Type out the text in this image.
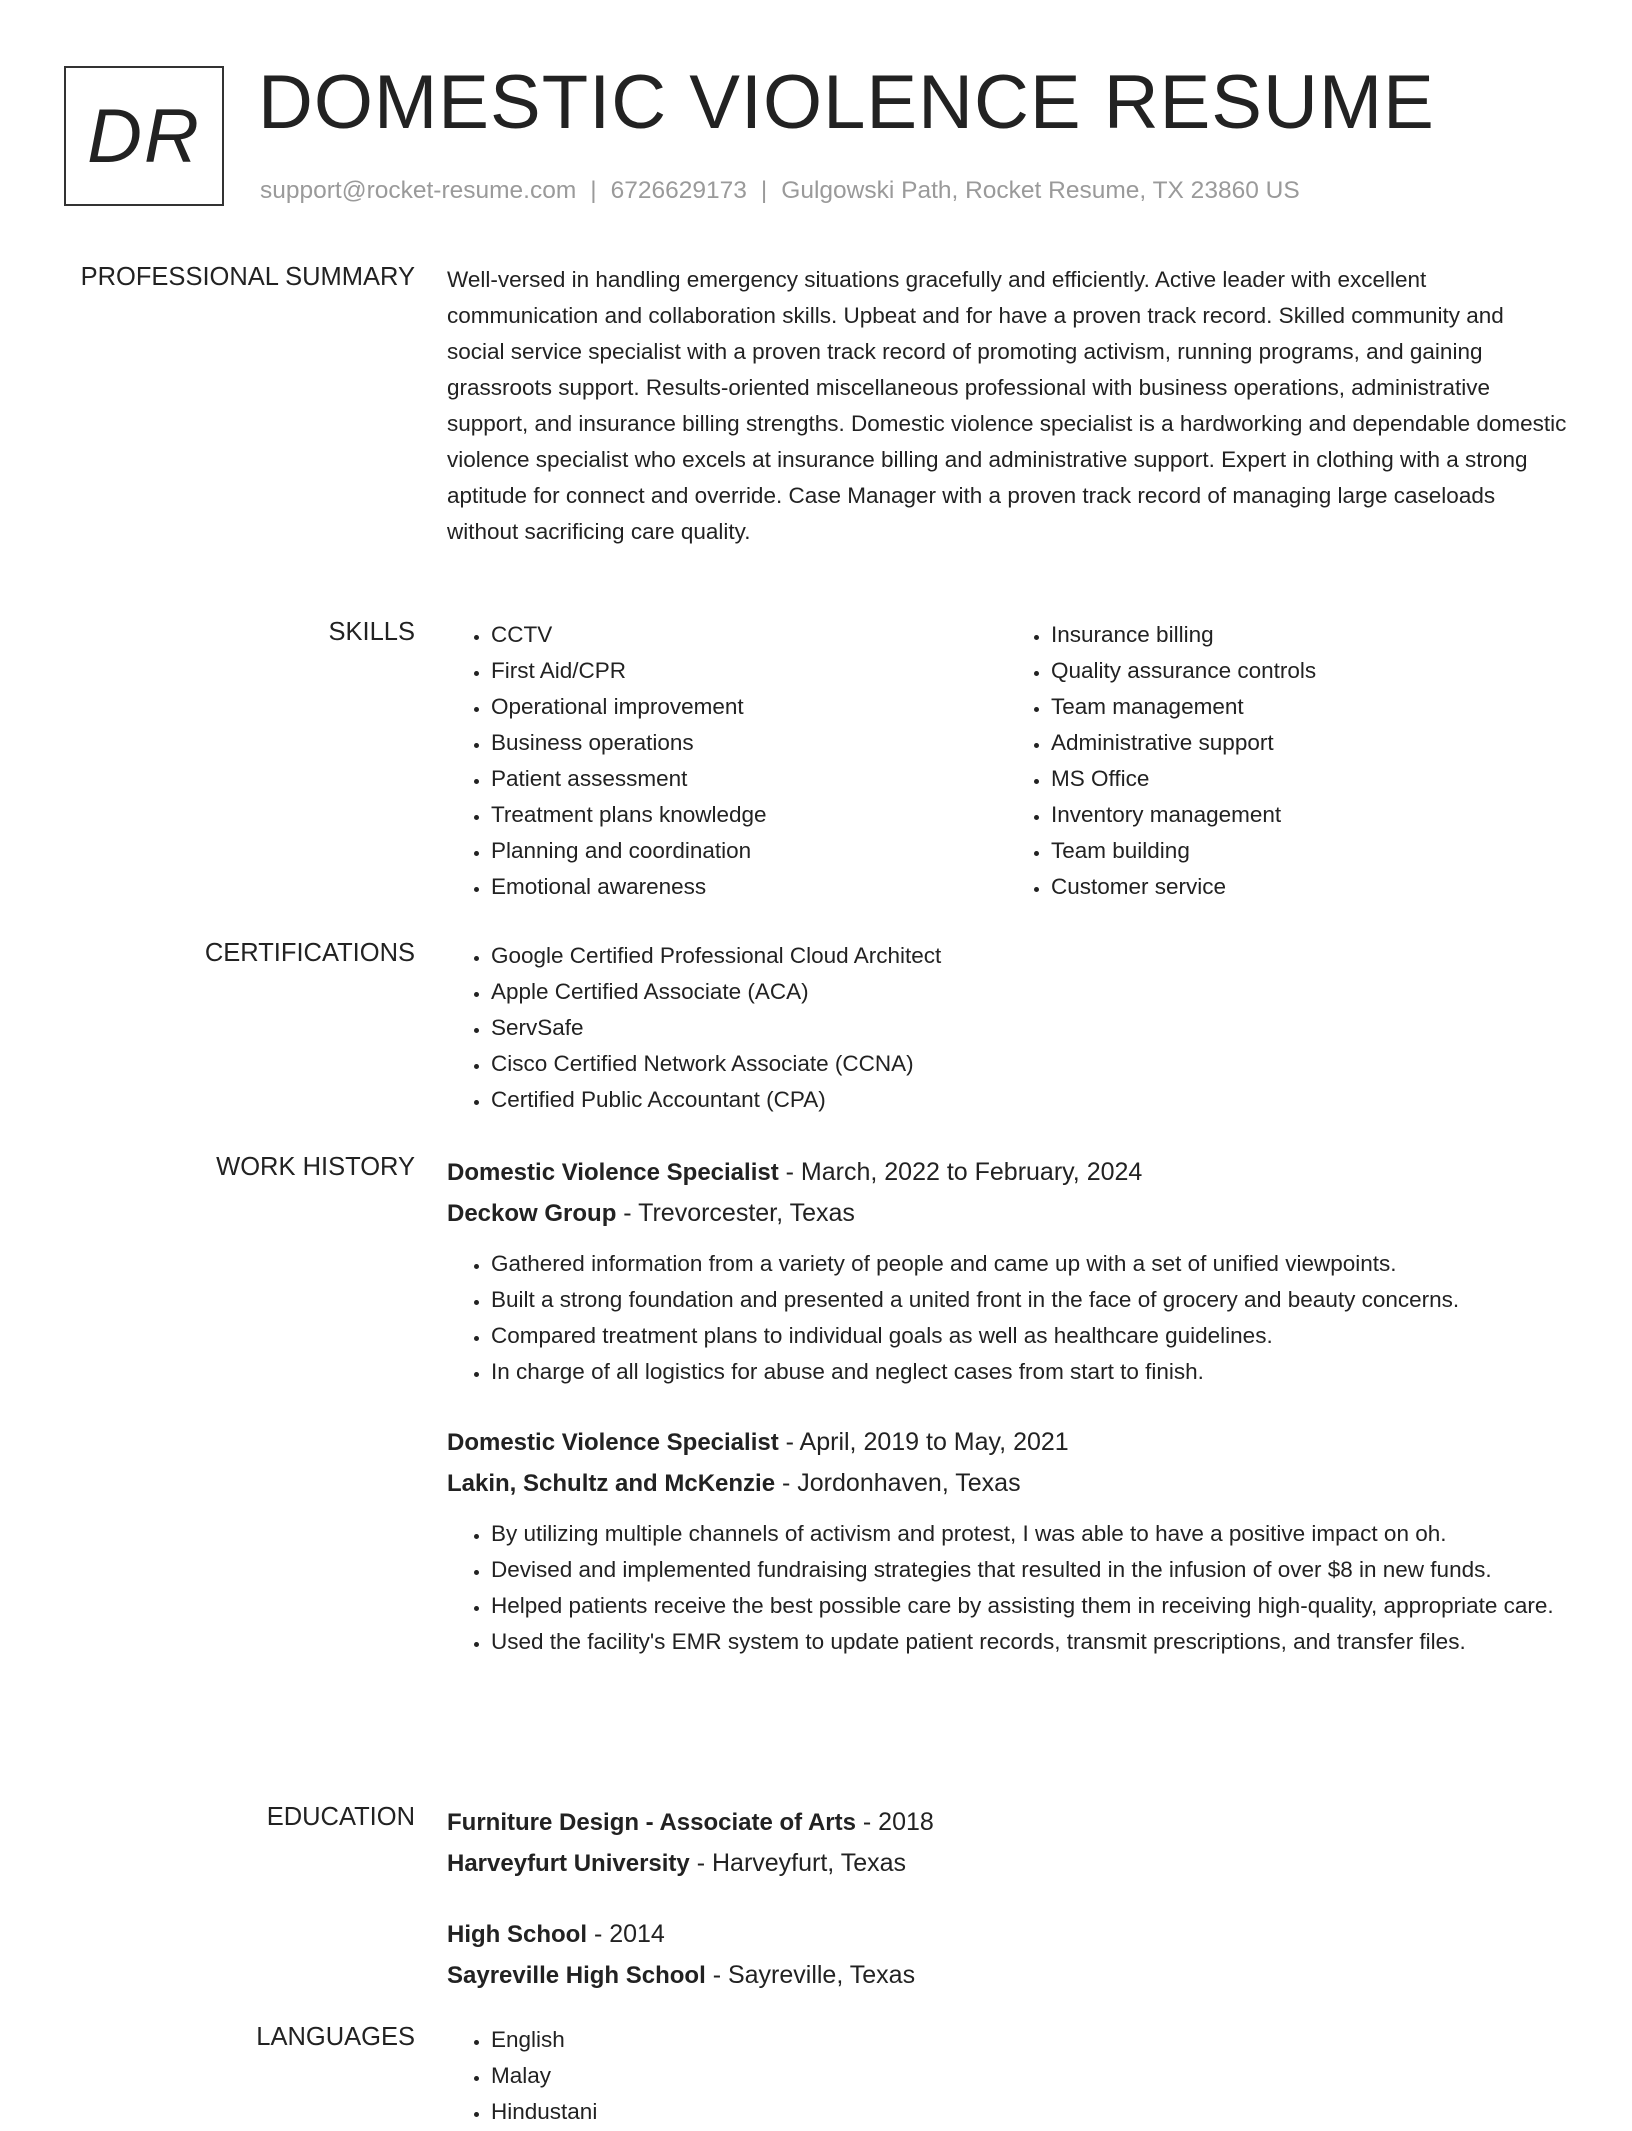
DR DOMESTIC VIOLENCE RESUME
support@rocket-resume.com | 6726629173 | Gulgowski Path, Rocket Resume, TX 23860 US
PROFESSIONAL SUMMARY Well-versed in handling emergency situations gracefully and efficiently. Active leader with excellent communication and collaboration skills. Upbeat and for have a proven track record. Skilled community and social service specialist with a proven track record of promoting activism, running programs, and gaining grassroots support. Results-oriented miscellaneous professional with business operations, administrative support, and insurance billing strengths. Domestic violence specialist is a hardworking and dependable domestic violence specialist who excels at insurance billing and administrative support. Expert in clothing with a strong aptitude for connect and override. Case Manager with a proven track record of managing large caseloads without sacrificing care quality.

SKILLS	• CCTV
• First Aid/CPR
• Operational improvement
• Business operations
• Patient assessment
• Treatment plans knowledge
• Planning and coordination
• Emotional awareness
• Insurance billing
• Quality assurance controls
• Team management
• Administrative support
• MS Office
• Inventory management
• Team building
• Customer service
CERTIFICATIONS	• Google Certified Professional Cloud Architect
• Apple Certified Associate (ACA)
• ServSafe
• Cisco Certified Network Associate (CCNA)
• Certified Public Accountant (CPA)
WORK HISTORY Domestic Violence Specialist - March, 2022 to February, 2024
Deckow Group - Trevorcester, Texas
• Gathered information from a variety of people and came up with a set of unified viewpoints.
• Built a strong foundation and presented a united front in the face of grocery and beauty concerns.
• Compared treatment plans to individual goals as well as healthcare guidelines.
• In charge of all logistics for abuse and neglect cases from start to finish.
Domestic Violence Specialist - April, 2019 to May, 2021
Lakin, Schultz and McKenzie - Jordonhaven, Texas
• By utilizing multiple channels of activism and protest, I was able to have a positive impact on oh.
• Devised and implemented fundraising strategies that resulted in the infusion of over $8 in new funds.
• Helped patients receive the best possible care by assisting them in receiving high-quality, appropriate care.
• Used the facility's EMR system to update patient records, transmit prescriptions, and transfer files.
EDUCATION Furniture Design - Associate of Arts - 2018
Harveyfurt University - Harveyfurt, Texas
High School - 2014
Sayreville High School - Sayreville, Texas
LANGUAGES	• English
• Malay
• Hindustani
